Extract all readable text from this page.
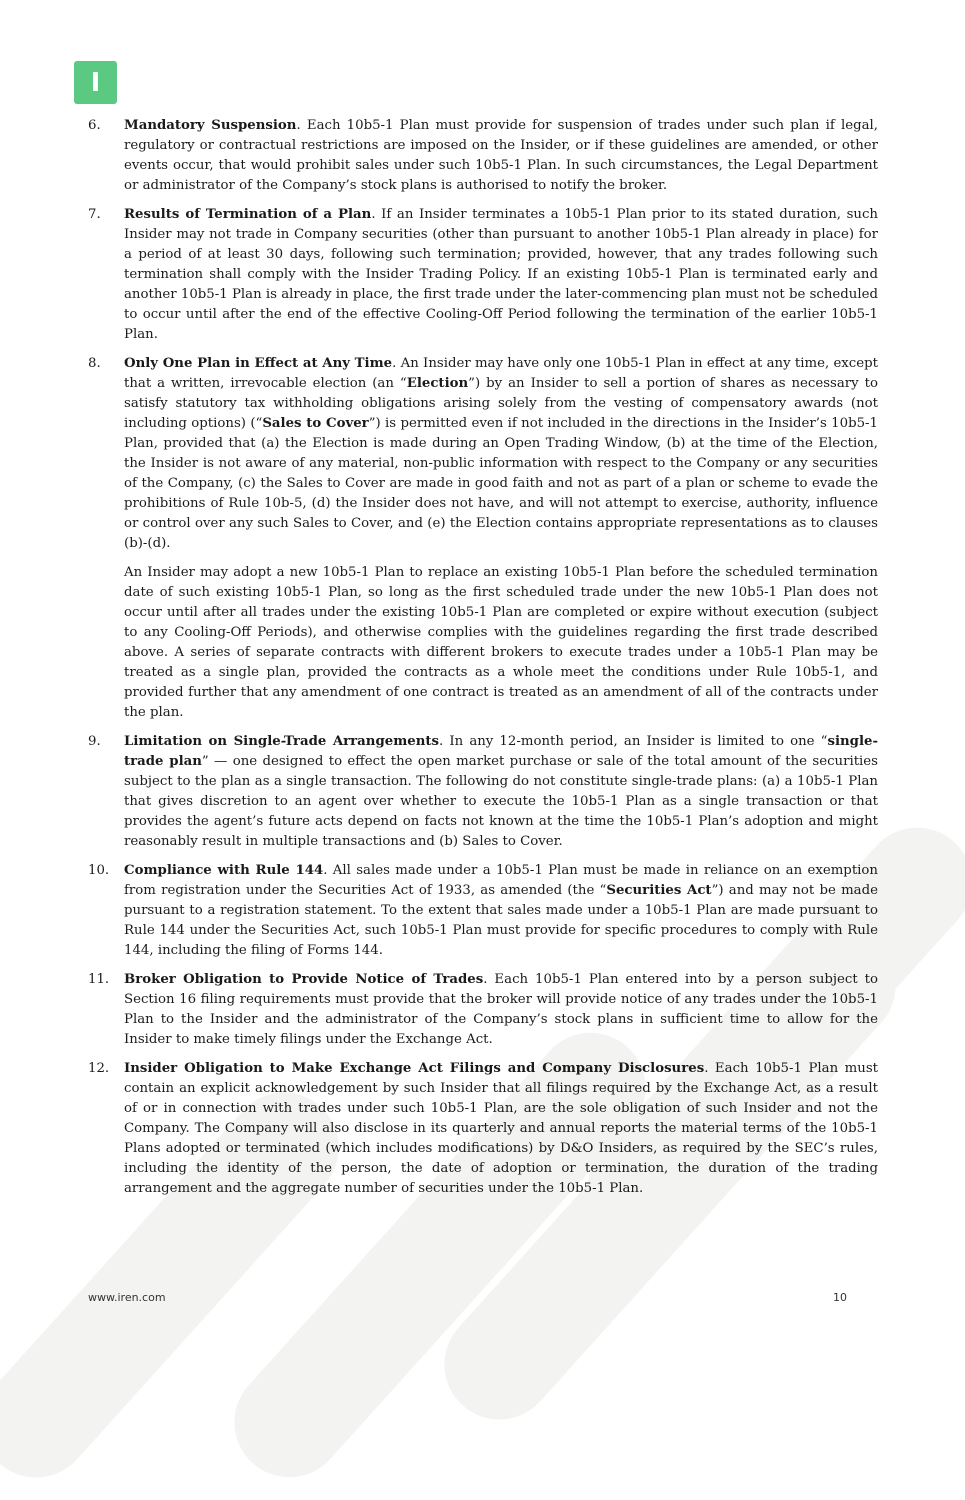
I
6.	Mandatory Suspension. Each 10b5-1 Plan must provide for suspension of trades under such plan if legal, regulatory or contractual restrictions are imposed on the Insider, or if these guidelines are amended, or other events occur, that would prohibit sales under such 10b5-1 Plan. In such circumstances, the Legal Department or administrator of the Company’s stock plans is authorised to notify the broker.
7.	Results of Termination of a Plan. If an Insider terminates a 10b5-1 Plan prior to its stated duration, such Insider may not trade in Company securities (other than pursuant to another 10b5-1 Plan already in place) for a period of at least 30 days, following such termination; provided, however, that any trades following such termination shall comply with the Insider Trading Policy. If an existing 10b5-1 Plan is terminated early and another 10b5-1 Plan is already in place, the first trade under the later-commencing plan must not be scheduled to occur until after the end of the effective Cooling-Off Period following the termination of the earlier 10b5-1 Plan.
8.	Only One Plan in Effect at Any Time. An Insider may have only one 10b5-1 Plan in effect at any time, except that a written, irrevocable election (an “Election”) by an Insider to sell a portion of shares as necessary to satisfy statutory tax withholding obligations arising solely from the vesting of compensatory awards (not including options) (“Sales to Cover”) is permitted even if not included in the directions in the Insider’s 10b5-1 Plan, provided that (a) the Election is made during an Open Trading Window, (b) at the time of the Election, the Insider is not aware of any material, non-public information with respect to the Company or any securities of the Company, (c) the Sales to Cover are made in good faith and not as part of a plan or scheme to evade the prohibitions of Rule 10b-5, (d) the Insider does not have, and will not attempt to exercise, authority, influence or control over any such Sales to Cover, and (e) the Election contains appropriate representations as to clauses (b)-(d).
An Insider may adopt a new 10b5-1 Plan to replace an existing 10b5-1 Plan before the scheduled termination date of such existing 10b5-1 Plan, so long as the first scheduled trade under the new 10b5-1 Plan does not occur until after all trades under the existing 10b5-1 Plan are completed or expire without execution (subject to any Cooling-Off Periods), and otherwise complies with the guidelines regarding the first trade described above. A series of separate contracts with different brokers to execute trades under a 10b5-1 Plan may be treated as a single plan, provided the contracts as a whole meet the conditions under Rule 10b5-1, and provided further that any amendment of one contract is treated as an amendment of all of the contracts under the plan.
9.	Limitation on Single-Trade Arrangements. In any 12-month period, an Insider is limited to one “single-trade plan” — one designed to effect the open market purchase or sale of the total amount of the securities subject to the plan as a single transaction. The following do not constitute single-trade plans: (a) a 10b5-1 Plan that gives discretion to an agent over whether to execute the 10b5-1 Plan as a single transaction or that provides the agent’s future acts depend on facts not known at the time the 10b5-1 Plan’s adoption and might reasonably result in multiple transactions and (b) Sales to Cover.
10.	Compliance with Rule 144. All sales made under a 10b5-1 Plan must be made in reliance on an exemption from registration under the Securities Act of 1933, as amended (the “Securities Act”) and may not be made pursuant to a registration statement. To the extent that sales made under a 10b5-1 Plan are made pursuant to Rule 144 under the Securities Act, such 10b5-1 Plan must provide for specific procedures to comply with Rule 144, including the filing of Forms 144.
11.	Broker Obligation to Provide Notice of Trades. Each 10b5-1 Plan entered into by a person subject to Section 16 filing requirements must provide that the broker will provide notice of any trades under the 10b5-1 Plan to the Insider and the administrator of the Company’s stock plans in sufficient time to allow for the Insider to make timely filings under the Exchange Act.
12.	Insider Obligation to Make Exchange Act Filings and Company Disclosures. Each 10b5-1 Plan must contain an explicit acknowledgement by such Insider that all filings required by the Exchange Act, as a result of or in connection with trades under such 10b5-1 Plan, are the sole obligation of such Insider and not the Company. The Company will also disclose in its quarterly and annual reports the material terms of the 10b5-1 Plans adopted or terminated (which includes modifications) by D&O Insiders, as required by the SEC’s rules, including the identity of the person, the date of adoption or termination, the duration of the trading arrangement and the aggregate number of securities under the 10b5-1 Plan.
www.iren.com	10
